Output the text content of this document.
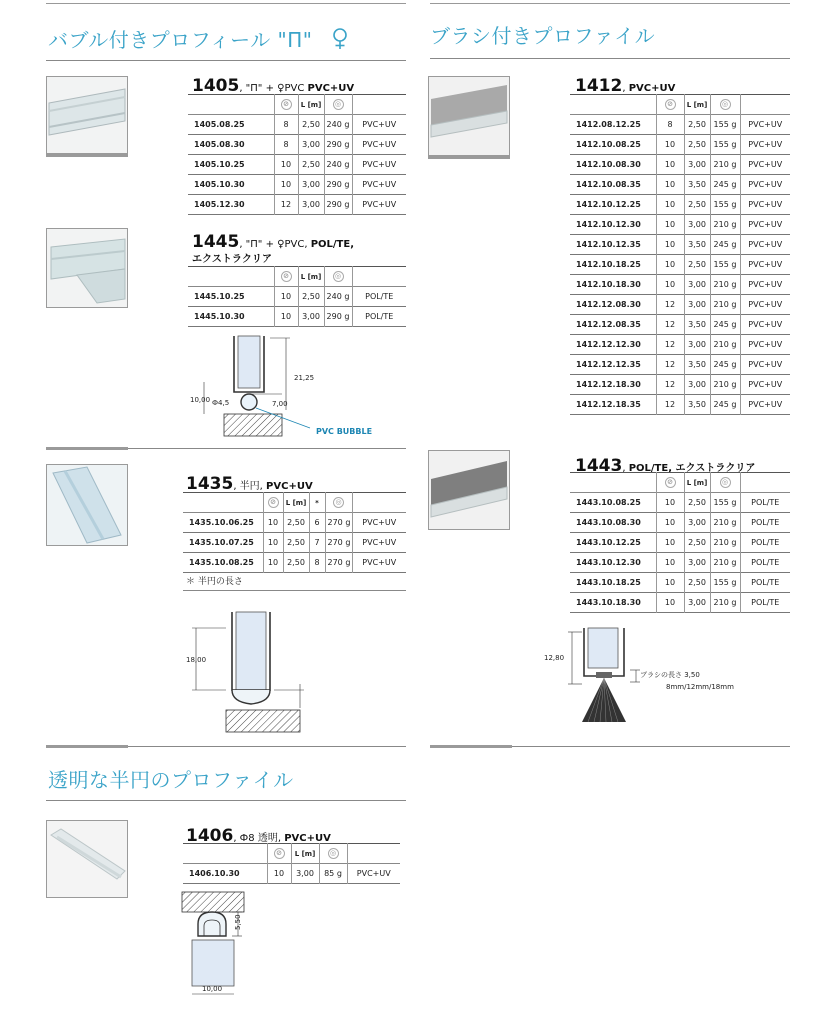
バブル付きプロフィール "П"
1405, "П" + ♀PVC PVC+UV
	⊘	L [m]	◎	
1405.08.25	8	2,50	240 g	PVC+UV
1405.08.30	8	3,00	290 g	PVC+UV
1405.10.25	10	2,50	240 g	PVC+UV
1405.10.30	10	3,00	290 g	PVC+UV
1405.12.30	12	3,00	290 g	PVC+UV
1445, "П" + ♀PVC, POL/TE,
エクストラクリア
	⊘	L [m]	◎	
1445.10.25	10	2,50	240 g	POL/TE
1445.10.30	10	3,00	290 g	POL/TE
21,25
10,00 Ф4,5	7,00
PVC BUBBLE
1435, 半円, PVC+UV
	⊘	L [m]	*	◎	
1435.10.06.25	10	2,50	6	270 g	PVC+UV
1435.10.07.25	10	2,50	7	270 g	PVC+UV
1435.10.08.25	10	2,50	8	270 g	PVC+UV
＊ 半円の長さ
18,00
透明な半円のプロファイル
1406, Ф8 透明, PVC+UV
	⊘	L [m]	◎	
1406.10.30	10	3,00	85 g	PVC+UV
5,50
10,00
ブラシ付きプロファイル
1412, PVC+UV
	⊘	L [m]	◎	
1412.08.12.25	8	2,50	155 g	PVC+UV
1412.10.08.25	10	2,50	155 g	PVC+UV
1412.10.08.30	10	3,00	210 g	PVC+UV
1412.10.08.35	10	3,50	245 g	PVC+UV
1412.10.12.25	10	2,50	155 g	PVC+UV
1412.10.12.30	10	3,00	210 g	PVC+UV
1412.10.12.35	10	3,50	245 g	PVC+UV
1412.10.18.25	10	2,50	155 g	PVC+UV
1412.10.18.30	10	3,00	210 g	PVC+UV
1412.12.08.30	12	3,00	210 g	PVC+UV
1412.12.08.35	12	3,50	245 g	PVC+UV
1412.12.12.30	12	3,00	210 g	PVC+UV
1412.12.12.35	12	3,50	245 g	PVC+UV
1412.12.18.30	12	3,00	210 g	PVC+UV
1412.12.18.35	12	3,50	245 g	PVC+UV
1443, POL/TE, エクストラクリア
	⊘	L [m]	◎	
1443.10.08.25	10	2,50	155 g	POL/TE
1443.10.08.30	10	3,00	210 g	POL/TE
1443.10.12.25	10	2,50	210 g	POL/TE
1443.10.12.30	10	3,00	210 g	POL/TE
1443.10.18.25	10	2,50	155 g	POL/TE
1443.10.18.30	10	3,00	210 g	POL/TE
12,80
ブラシの長さ 3,50
8mm/12mm/18mm
